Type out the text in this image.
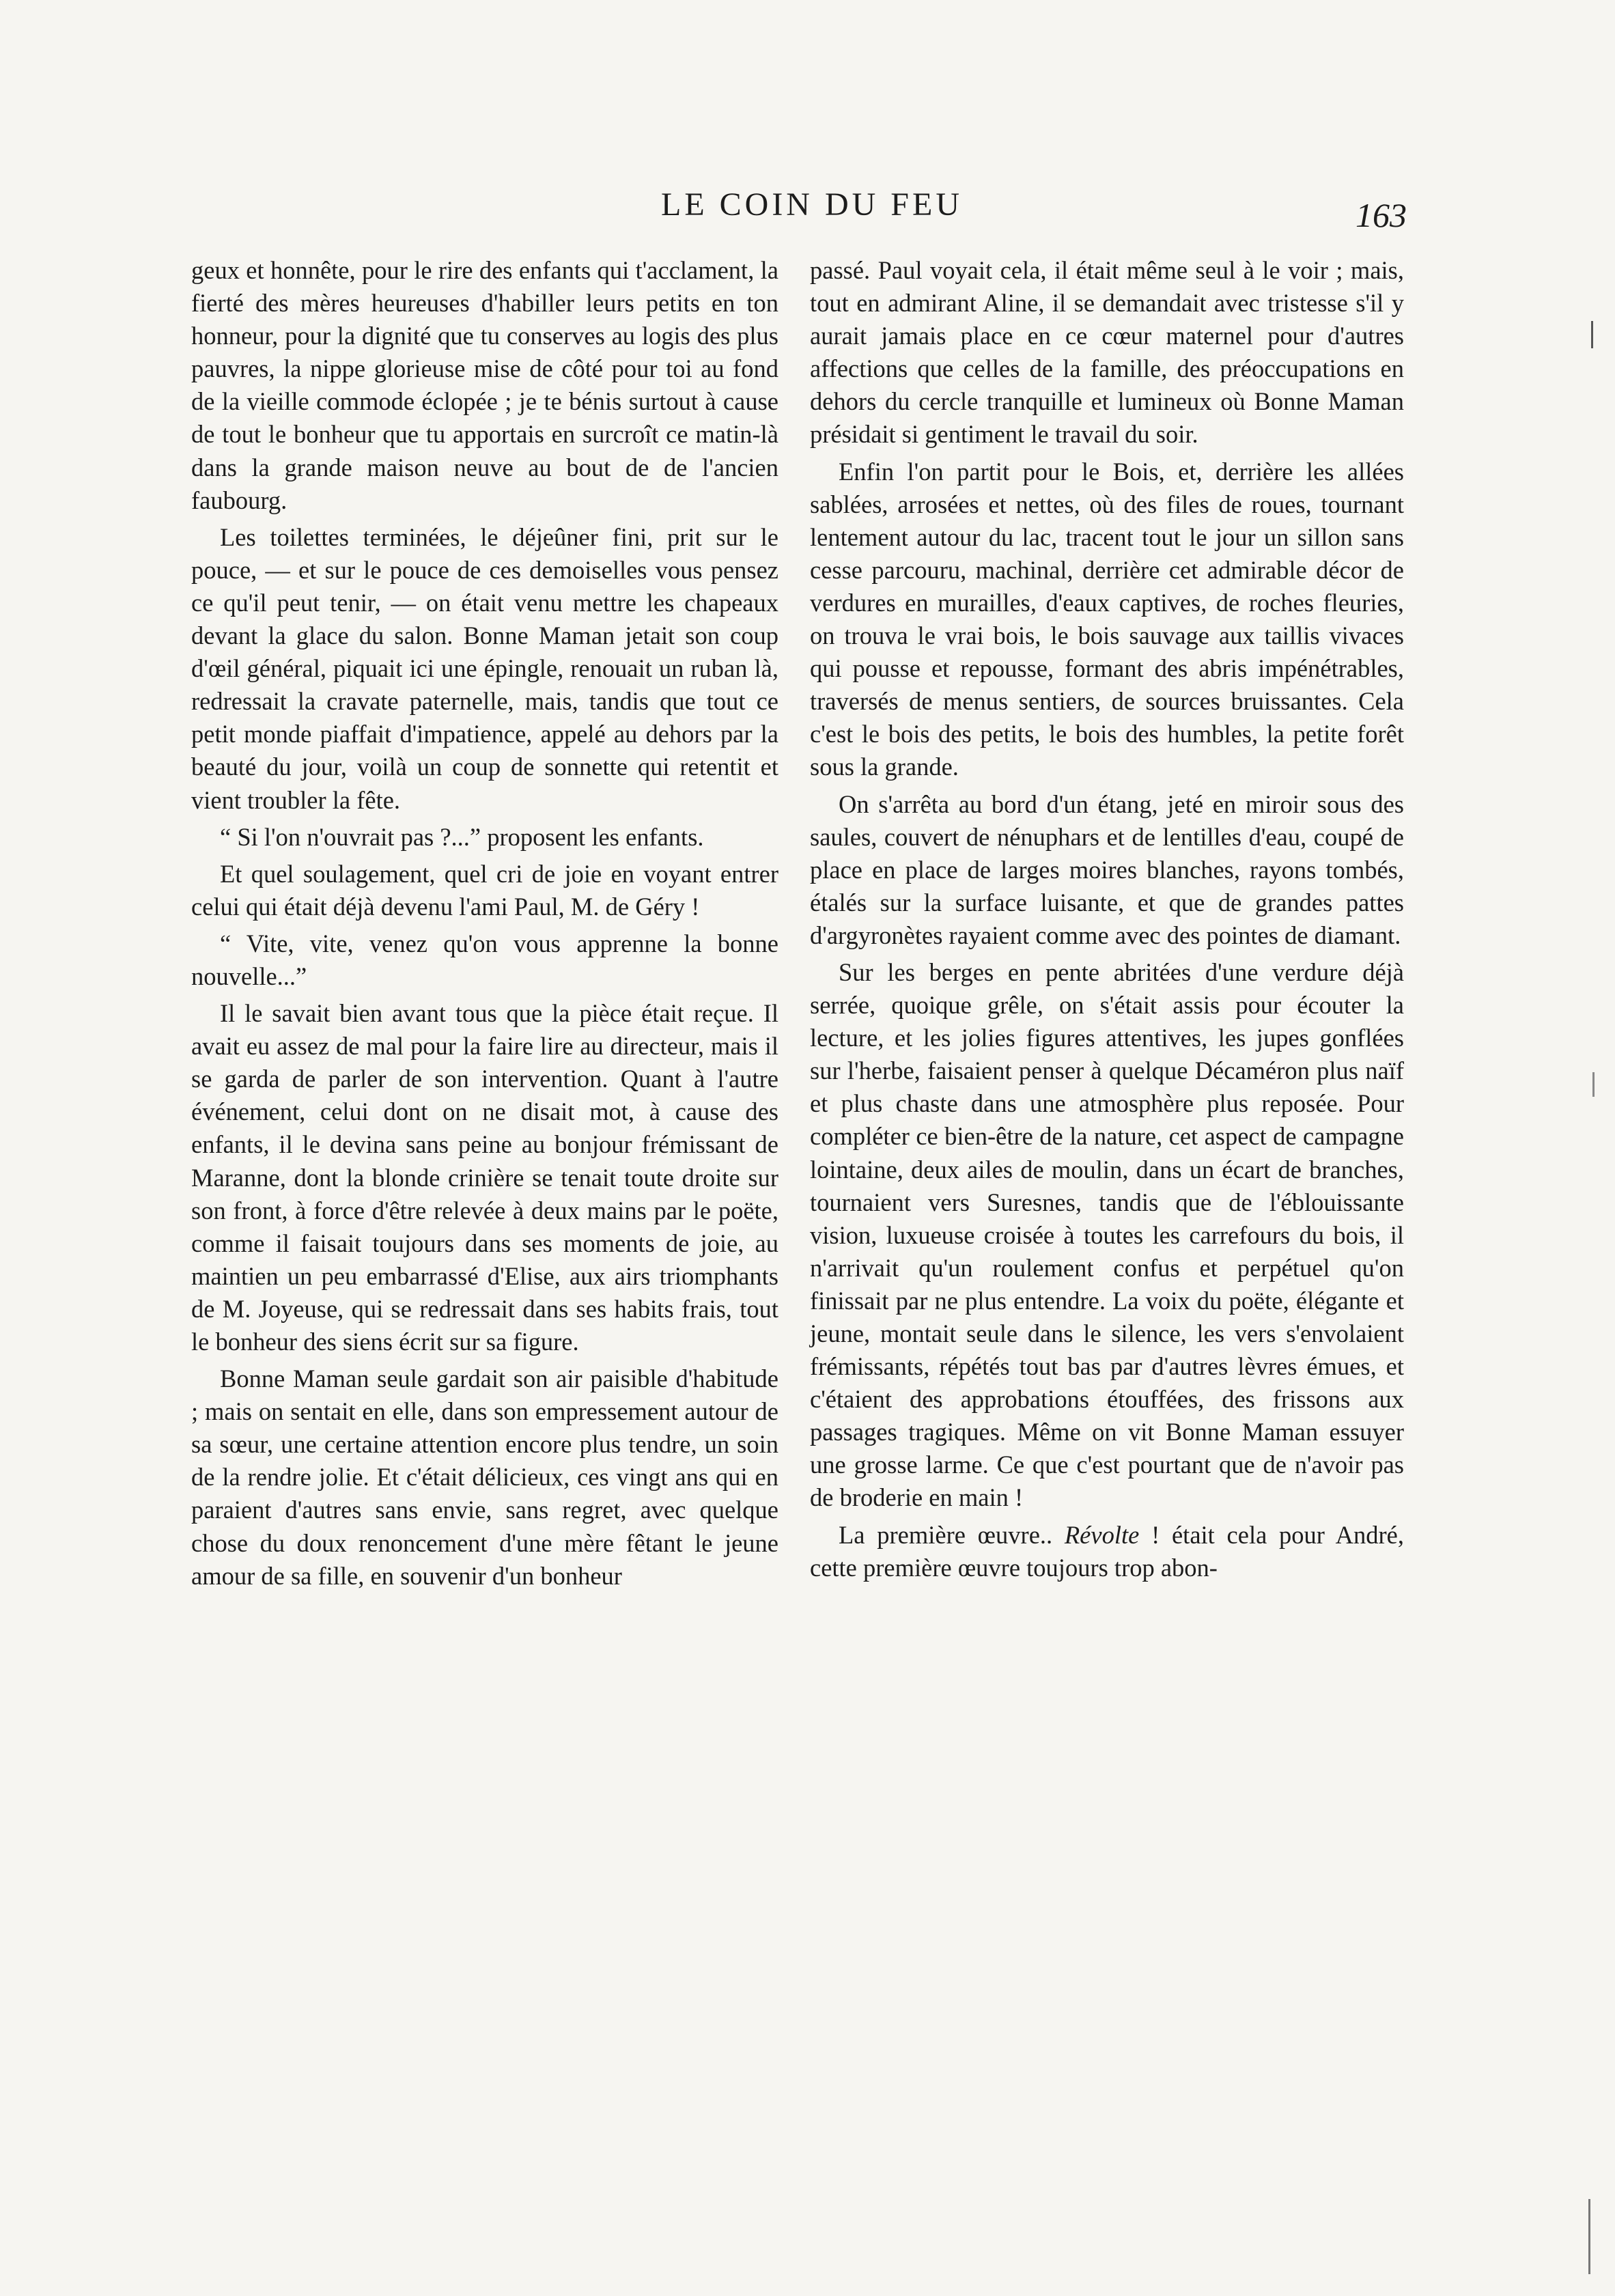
LE COIN DU FEU	163

geux et honnête, pour le rire des enfants qui t'acclament, la fierté des mères heureuses d'habiller leurs petits en ton honneur, pour la dignité que tu conserves au logis des plus pauvres, la nippe glorieuse mise de côté pour toi au fond de la vieille commode éclopée ; je te bénis surtout à cause de tout le bonheur que tu apportais en surcroît ce matin-là dans la grande maison neuve au bout de de l'ancien faubourg.

Les toilettes terminées, le déjeûner fini, prit sur le pouce, — et sur le pouce de ces demoiselles vous pensez ce qu'il peut tenir, — on était venu mettre les chapeaux devant la glace du salon. Bonne Maman jetait son coup d'œil général, piquait ici une épingle, renouait un ruban là, redressait la cravate paternelle, mais, tandis que tout ce petit monde piaffait d'impatience, appelé au dehors par la beauté du jour, voilà un coup de sonnette qui retentit et vient troubler la fête.

“ Si l'on n'ouvrait pas ?...” proposent les enfants.

Et quel soulagement, quel cri de joie en voyant entrer celui qui était déjà devenu l'ami Paul, M. de Géry !

“ Vite, vite, venez qu'on vous apprenne la bonne nouvelle...”

Il le savait bien avant tous que la pièce était reçue. Il avait eu assez de mal pour la faire lire au directeur, mais il se garda de parler de son intervention. Quant à l'autre événement, celui dont on ne disait mot, à cause des enfants, il le devina sans peine au bonjour frémissant de Maranne, dont la blonde crinière se tenait toute droite sur son front, à force d'être relevée à deux mains par le poëte, comme il faisait toujours dans ses moments de joie, au maintien un peu embarrassé d'Elise, aux airs triomphants de M. Joyeuse, qui se redressait dans ses habits frais, tout le bonheur des siens écrit sur sa figure.

Bonne Maman seule gardait son air paisible d'habitude ; mais on sentait en elle, dans son empressement autour de sa sœur, une certaine attention encore plus tendre, un soin de la rendre jolie. Et c'était délicieux, ces vingt ans qui en paraient d'autres sans envie, sans regret, avec quelque chose du doux renoncement d'une mère fêtant le jeune amour de sa fille, en souvenir d'un bonheur

passé. Paul voyait cela, il était même seul à le voir ; mais, tout en admirant Aline, il se demandait avec tristesse s'il y aurait jamais place en ce cœur maternel pour d'autres affections que celles de la famille, des préoccupations en dehors du cercle tranquille et lumineux où Bonne Maman présidait si gentiment le travail du soir.

Enfin l'on partit pour le Bois, et, derrière les allées sablées, arrosées et nettes, où des files de roues, tournant lentement autour du lac, tracent tout le jour un sillon sans cesse parcouru, machinal, derrière cet admirable décor de verdures en murailles, d'eaux captives, de roches fleuries, on trouva le vrai bois, le bois sauvage aux taillis vivaces qui pousse et repousse, formant des abris impénétrables, traversés de menus sentiers, de sources bruissantes. Cela c'est le bois des petits, le bois des humbles, la petite forêt sous la grande.

On s'arrêta au bord d'un étang, jeté en miroir sous des saules, couvert de nénuphars et de lentilles d'eau, coupé de place en place de larges moires blanches, rayons tombés, étalés sur la surface luisante, et que de grandes pattes d'argyronètes rayaient comme avec des pointes de diamant.

Sur les berges en pente abritées d'une verdure déjà serrée, quoique grêle, on s'était assis pour écouter la lecture, et les jolies figures attentives, les jupes gonflées sur l'herbe, faisaient penser à quelque Décaméron plus naïf et plus chaste dans une atmosphère plus reposée. Pour compléter ce bien-être de la nature, cet aspect de campagne lointaine, deux ailes de moulin, dans un écart de branches, tournaient vers Suresnes, tandis que de l'éblouissante vision, luxueuse croisée à toutes les carrefours du bois, il n'arrivait qu'un roulement confus et perpétuel qu'on finissait par ne plus entendre. La voix du poëte, élégante et jeune, montait seule dans le silence, les vers s'envolaient frémissants, répétés tout bas par d'autres lèvres émues, et c'étaient des approbations étouffées, des frissons aux passages tragiques. Même on vit Bonne Maman essuyer une grosse larme. Ce que c'est pourtant que de n'avoir pas de broderie en main !

La première œuvre.. Révolte ! était cela pour André, cette première œuvre toujours trop abon-
